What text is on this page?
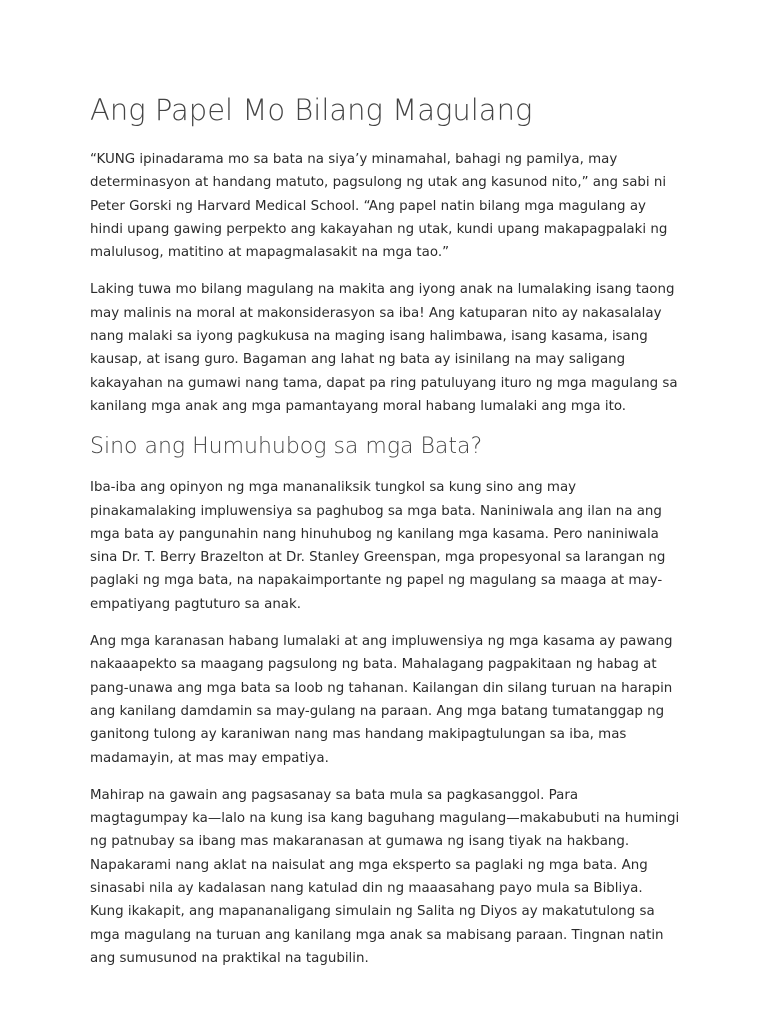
Ang Papel Mo Bilang Magulang

“KUNG ipinadarama mo sa bata na siya’y minamahal, bahagi ng pamilya, may determinasyon at handang matuto, pagsulong ng utak ang kasunod nito,” ang sabi ni Peter Gorski ng Harvard Medical School. “Ang papel natin bilang mga magulang ay hindi upang gawing perpekto ang kakayahan ng utak, kundi upang makapagpalaki ng malulusog, matitino at mapagmalasakit na mga tao.”

Laking tuwa mo bilang magulang na makita ang iyong anak na lumalaking isang taong may malinis na moral at makonsiderasyon sa iba! Ang katuparan nito ay nakasalalay nang malaki sa iyong pagkukusa na maging isang halimbawa, isang kasama, isang kausap, at isang guro. Bagaman ang lahat ng bata ay isinilang na may saligang kakayahan na gumawi nang tama, dapat pa ring patuluyang ituro ng mga magulang sa kanilang mga anak ang mga pamantayang moral habang lumalaki ang mga ito.

Sino ang Humuhubog sa mga Bata?

Iba-iba ang opinyon ng mga mananaliksik tungkol sa kung sino ang may pinakamalaking impluwensiya sa paghubog sa mga bata. Naniniwala ang ilan na ang mga bata ay pangunahin nang hinuhubog ng kanilang mga kasama. Pero naniniwala sina Dr. T. Berry Brazelton at Dr. Stanley Greenspan, mga propesyonal sa larangan ng paglaki ng mga bata, na napakaimportante ng papel ng magulang sa maaga at may-empatiyang pagtuturo sa anak.

Ang mga karanasan habang lumalaki at ang impluwensiya ng mga kasama ay pawang nakaaapekto sa maagang pagsulong ng bata. Mahalagang pagpakitaan ng habag at pang-unawa ang mga bata sa loob ng tahanan. Kailangan din silang turuan na harapin ang kanilang damdamin sa may-gulang na paraan. Ang mga batang tumatanggap ng ganitong tulong ay karaniwan nang mas handang makipagtulungan sa iba, mas madamayin, at mas may empatiya.

Mahirap na gawain ang pagsasanay sa bata mula sa pagkasanggol. Para magtagumpay ka—lalo na kung isa kang baguhang magulang—makabubuti na humingi ng patnubay sa ibang mas makaranasan at gumawa ng isang tiyak na hakbang. Napakarami nang aklat na naisulat ang mga eksperto sa paglaki ng mga bata. Ang sinasabi nila ay kadalasan nang katulad din ng maaasahang payo mula sa Bibliya. Kung ikakapit, ang mapananaligang simulain ng Salita ng Diyos ay makatutulong sa mga magulang na turuan ang kanilang mga anak sa mabisang paraan. Tingnan natin ang sumusunod na praktikal na tagubilin.
